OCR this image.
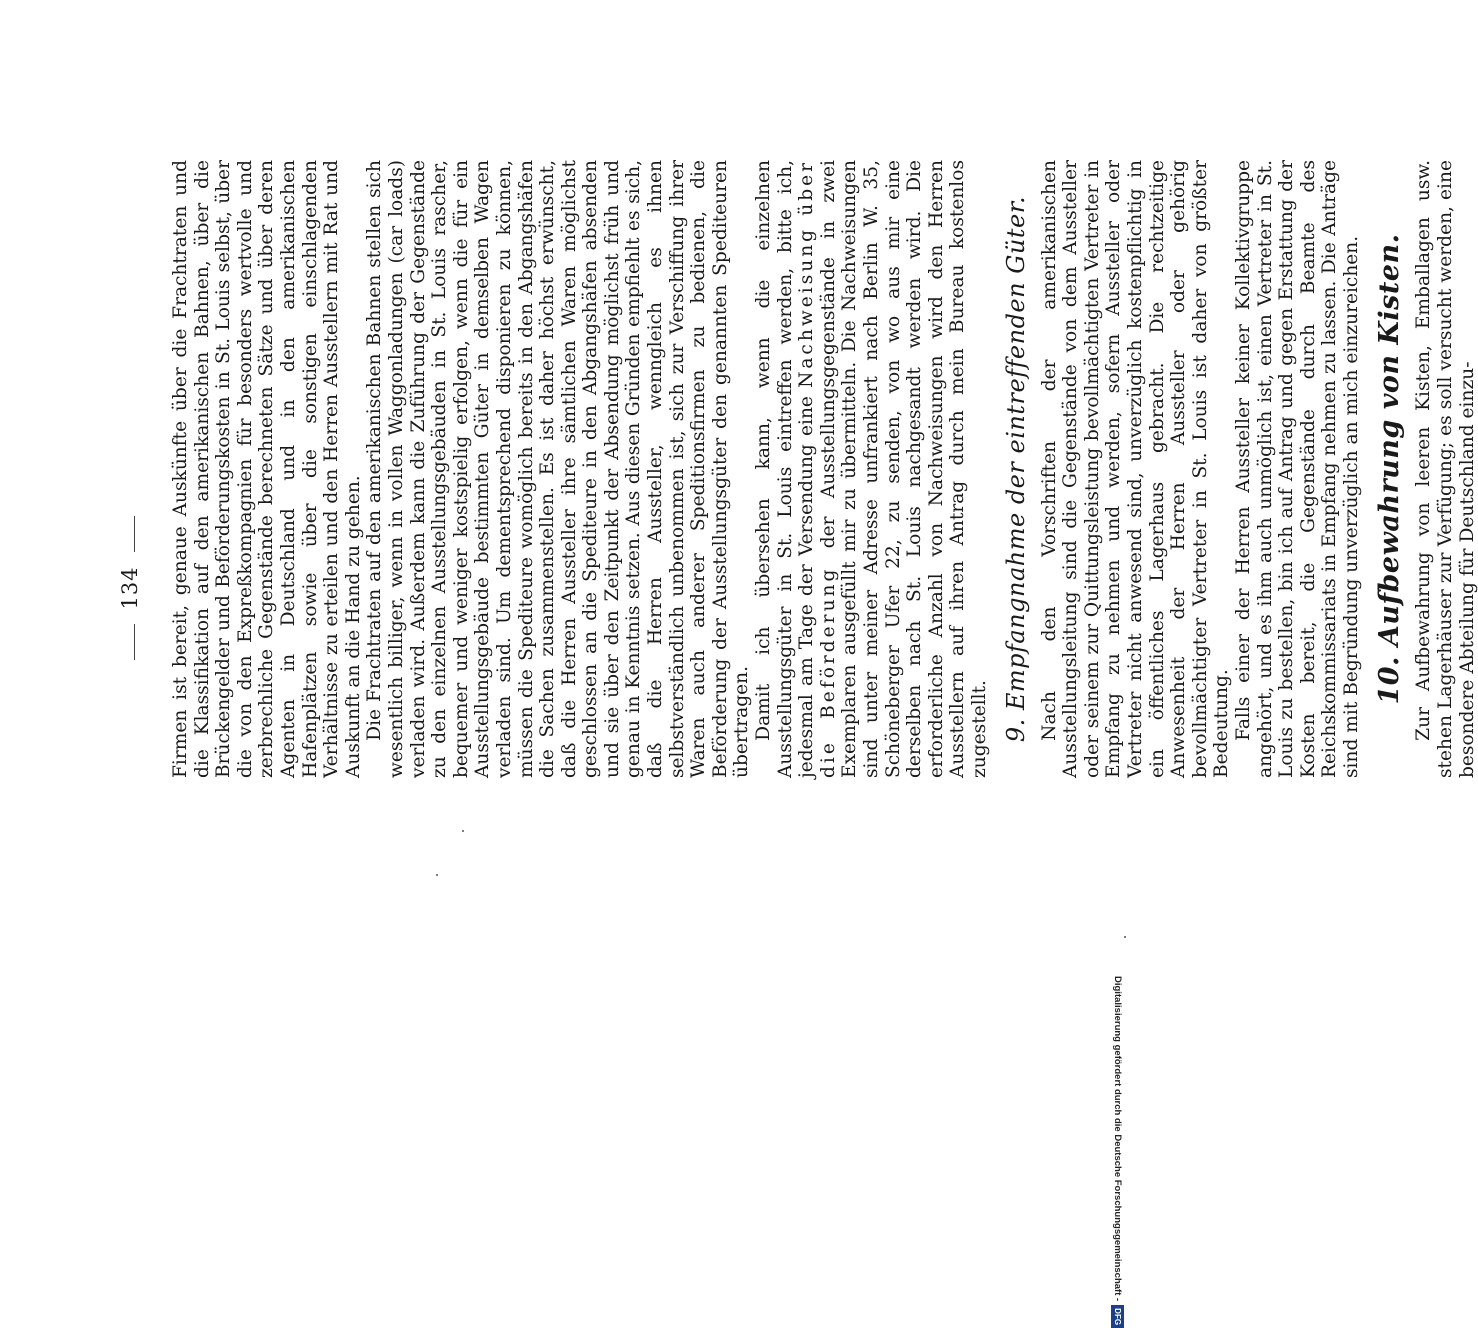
134 Firmen ist bereit, genaue Auskünfte über die Frachtraten und die Klassifikation auf den amerikanischen Bahnen, über die Brückengelder und Beförderungskosten in St. Louis selbst, über die von den Expreßkompagnien für besonders wertvolle und zerbrechliche Gegenstände berechneten Sätze und über deren Agenten in Deutschland und in den amerikanischen Hafenplätzen sowie über die sonstigen einschlagenden Verhältnisse zu erteilen und den Herren Ausstellern mit Rat und Auskunft an die Hand zu gehen. Die Frachtraten auf den amerikanischen Bahnen stellen sich wesentlich billiger, wenn in vollen Waggonladungen (car loads) verladen wird. Außerdem kann die Zuführung der Gegenstände zu den einzelnen Ausstellungsgebäuden in St. Louis rascher, bequemer und weniger kostspielig erfolgen, wenn die für ein Ausstellungsgebäude bestimmten Güter in demselben Wagen verladen sind. Um dementsprechend disponieren zu können, müssen die Spediteure womöglich bereits in den Abgangshäfen die Sachen zusammenstellen. Es ist daher höchst erwünscht, daß die Herren Aussteller ihre sämtlichen Waren möglichst geschlossen an die Spediteure in den Abgangshäfen absenden und sie über den Zeitpunkt der Absendung möglichst früh und genau in Kenntnis setzen. Aus diesen Gründen empfiehlt es sich, daß die Herren Aussteller, wenngleich es ihnen selbstverständlich unbenommen ist, sich zur Verschiffung ihrer Waren auch anderer Speditionsfirmen zu bedienen, die Beförderung der Ausstellungsgüter den genannten Spediteuren übertragen. Damit ich übersehen kann, wenn die einzelnen Ausstellungsgüter in St. Louis eintreffen werden, bitte ich, jedesmal am Tage der Versendung eine Nachweisung über die Beförderung der Ausstellungsgegenstände in zwei Exemplaren ausgefüllt mir zu übermitteln. Die Nachweisungen sind unter meiner Adresse unfrankiert nach Berlin W. 35, Schöneberger Ufer 22, zu senden, von wo aus mir eine derselben nach St. Louis nachgesandt werden wird. Die erforderliche Anzahl von Nachweisungen wird den Herren Ausstellern auf ihren Antrag durch mein Bureau kostenlos zugestellt. 9. Empfangnahme der eintreffenden Güter. Nach den Vorschriften der amerikanischen Ausstellungsleitung sind die Gegenstände von dem Aussteller oder seinem zur Quittungsleistung bevollmächtigten Vertreter in Empfang zu nehmen und werden, sofern Aussteller oder Vertreter nicht anwesend sind, unverzüglich kostenpflichtig in ein öffentliches Lagerhaus gebracht. Die rechtzeitige Anwesenheit der Herren Aussteller oder gehörig bevollmächtigter Vertreter in St. Louis ist daher von größter Bedeutung. Falls einer der Herren Aussteller keiner Kollektivgruppe angehört, und es ihm auch unmöglich ist, einen Vertreter in St. Louis zu bestellen, bin ich auf Antrag und gegen Erstattung der Kosten bereit, die Gegenstände durch Beamte des Reichskommissariats in Empfang nehmen zu lassen. Die Anträge sind mit Begründung unverzüglich an mich einzureichen. 10. Aufbewahrung von Kisten. Zur Aufbewahrung von leeren Kisten, Emballagen usw. stehen Lagerhäuser zur Verfügung; es soll versucht werden, eine besondere Abteilung für Deutschland einzu-

Digitalisierung gefördert durch die Deutsche Forschungsgemeinschaft -
DFG
